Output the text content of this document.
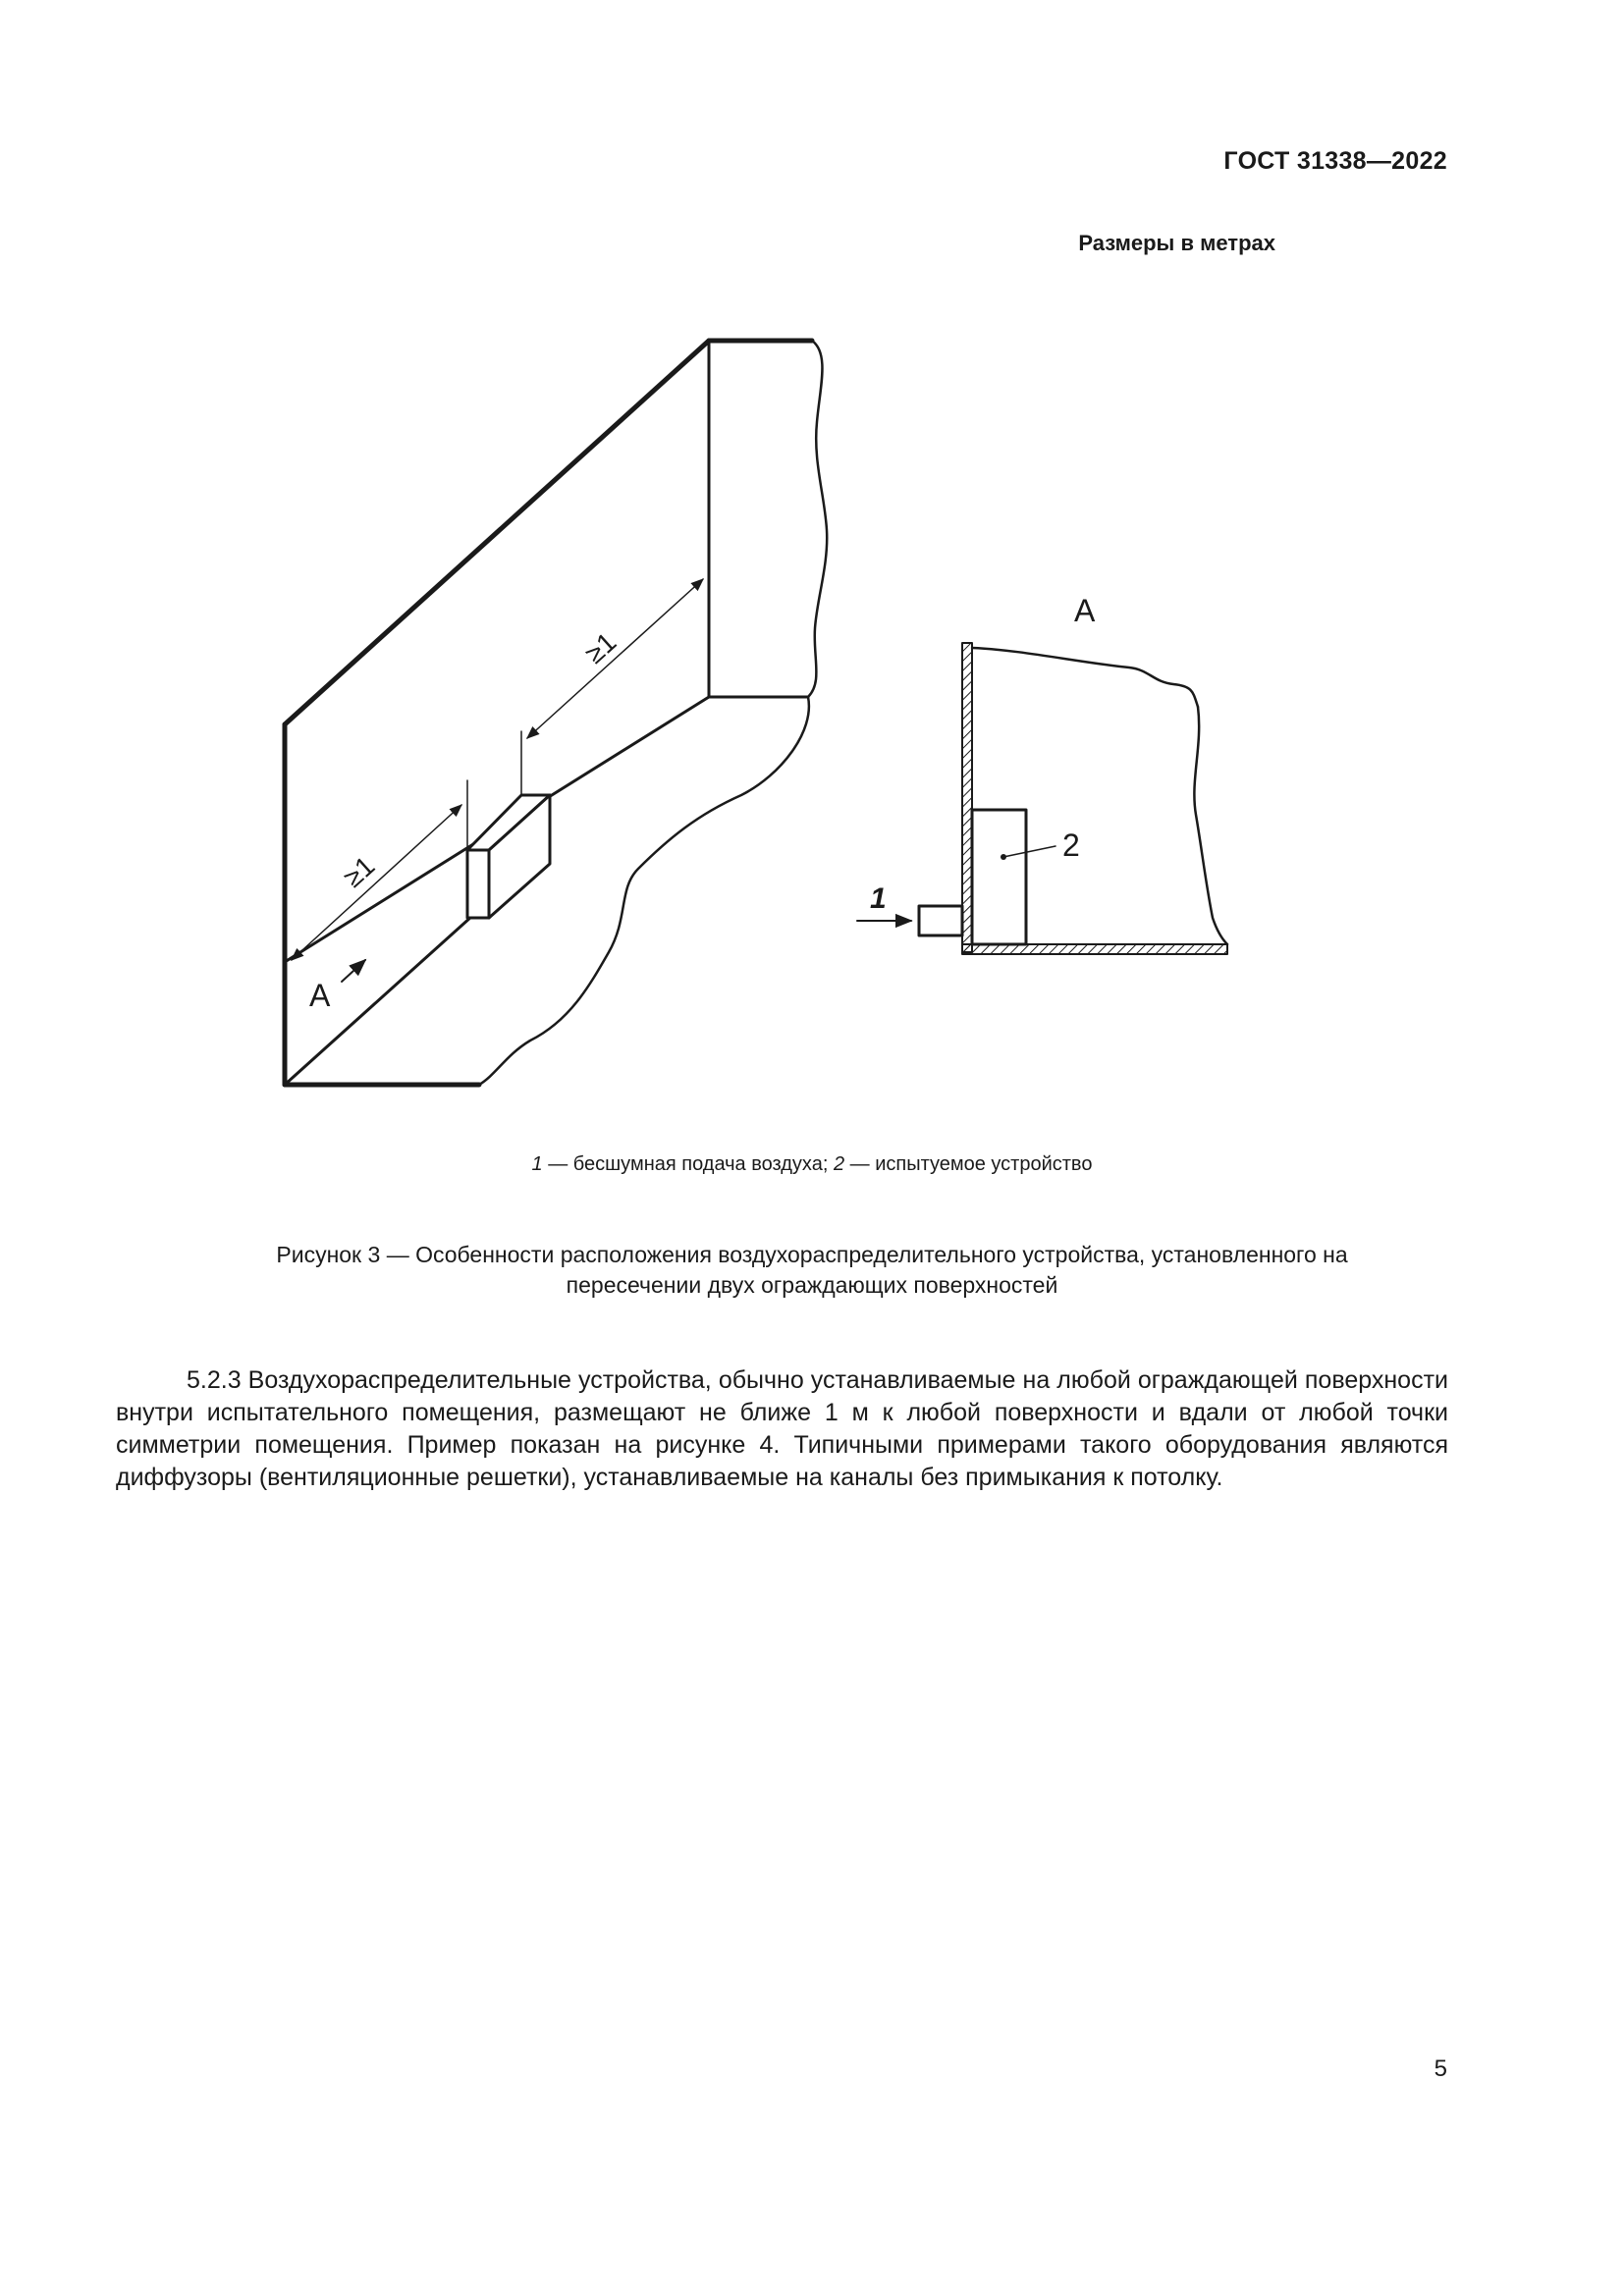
ГОСТ 31338—2022
Размеры в метрах
≥1
≥1
A
A
1
2
1 — бесшумная подача воздуха; 2 — испытуемое устройство
Рисунок 3 — Особенности расположения воздухораспределительного устройства, установленного на
пересечении двух ограждающих поверхностей
5.2.3 Воздухораспределительные устройства, обычно устанавливаемые на любой ограждающей поверхности внутри испытательного помещения, размещают не ближе 1 м к любой поверхности и вдали от любой точки симметрии помещения. Пример показан на рисунке 4. Типичными примерами такого оборудования являются диффузоры (вентиляционные решетки), устанавливаемые на каналы без примыкания к потолку.
5
